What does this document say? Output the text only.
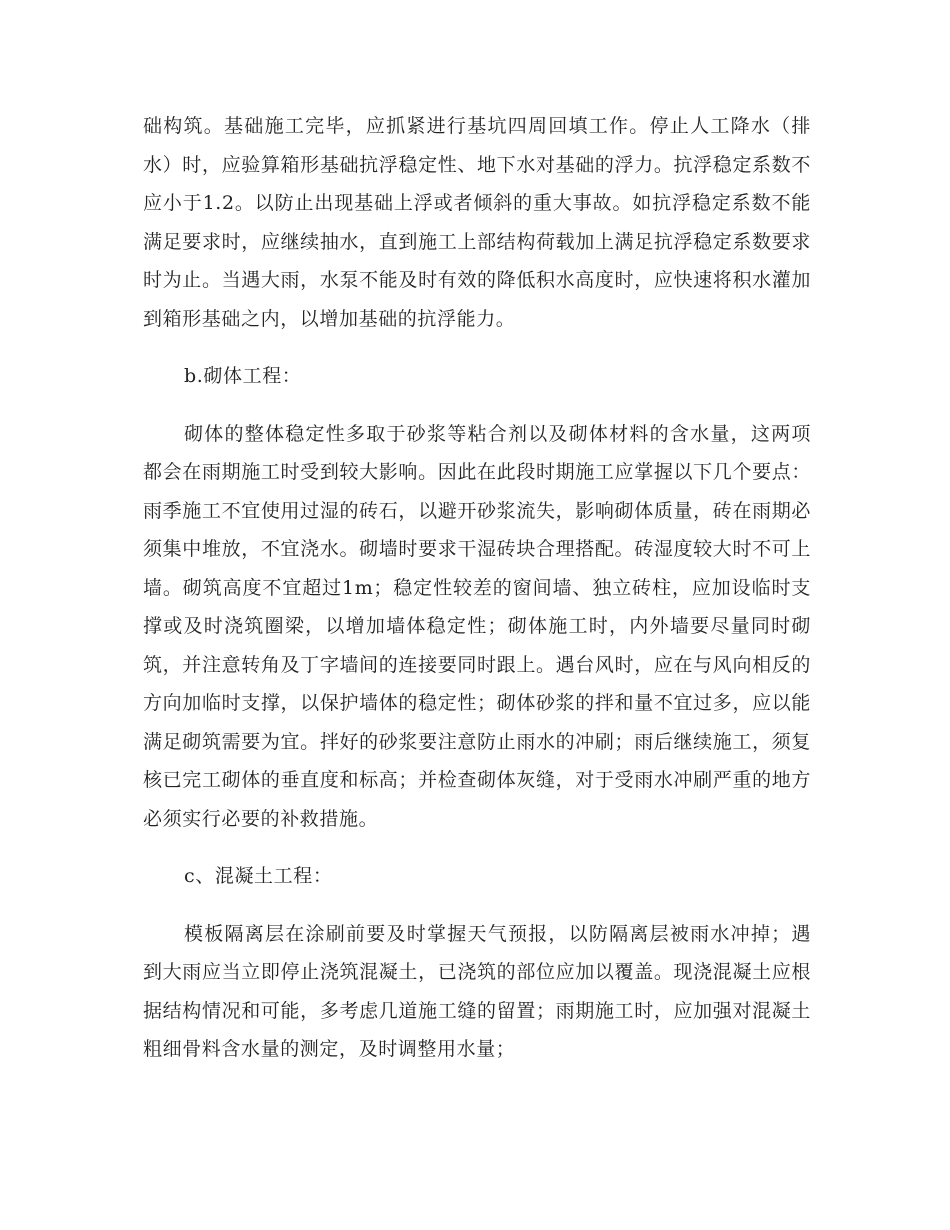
础构筑。基础施工完毕，应抓紧进行基坑四周回填工作。停止人工降水（排水）时，应验算箱形基础抗浮稳定性、地下水对基础的浮力。抗浮稳定系数不应小于1.2。以防止出现基础上浮或者倾斜的重大事故。如抗浮稳定系数不能满足要求时，应继续抽水，直到施工上部结构荷载加上满足抗浮稳定系数要求时为止。当遇大雨，水泵不能及时有效的降低积水高度时，应快速将积水灌加到箱形基础之内，以增加基础的抗浮能力。

b.砌体工程：

砌体的整体稳定性多取于砂浆等粘合剂以及砌体材料的含水量，这两项都会在雨期施工时受到较大影响。因此在此段时期施工应掌握以下几个要点：雨季施工不宜使用过湿的砖石，以避开砂浆流失，影响砌体质量，砖在雨期必须集中堆放，不宜浇水。砌墙时要求干湿砖块合理搭配。砖湿度较大时不可上墙。砌筑高度不宜超过1m；稳定性较差的窗间墙、独立砖柱，应加设临时支撑或及时浇筑圈梁，以增加墙体稳定性；砌体施工时，内外墙要尽量同时砌筑，并注意转角及丁字墙间的连接要同时跟上。遇台风时，应在与风向相反的方向加临时支撑，以保护墙体的稳定性；砌体砂浆的拌和量不宜过多，应以能满足砌筑需要为宜。拌好的砂浆要注意防止雨水的冲刷；雨后继续施工，须复核已完工砌体的垂直度和标高；并检查砌体灰缝，对于受雨水冲刷严重的地方必须实行必要的补救措施。

c、混凝土工程：

模板隔离层在涂刷前要及时掌握天气预报，以防隔离层被雨水冲掉；遇到大雨应当立即停止浇筑混凝土，已浇筑的部位应加以覆盖。现浇混凝土应根据结构情况和可能，多考虑几道施工缝的留置；雨期施工时，应加强对混凝土粗细骨料含水量的测定，及时调整用水量；
